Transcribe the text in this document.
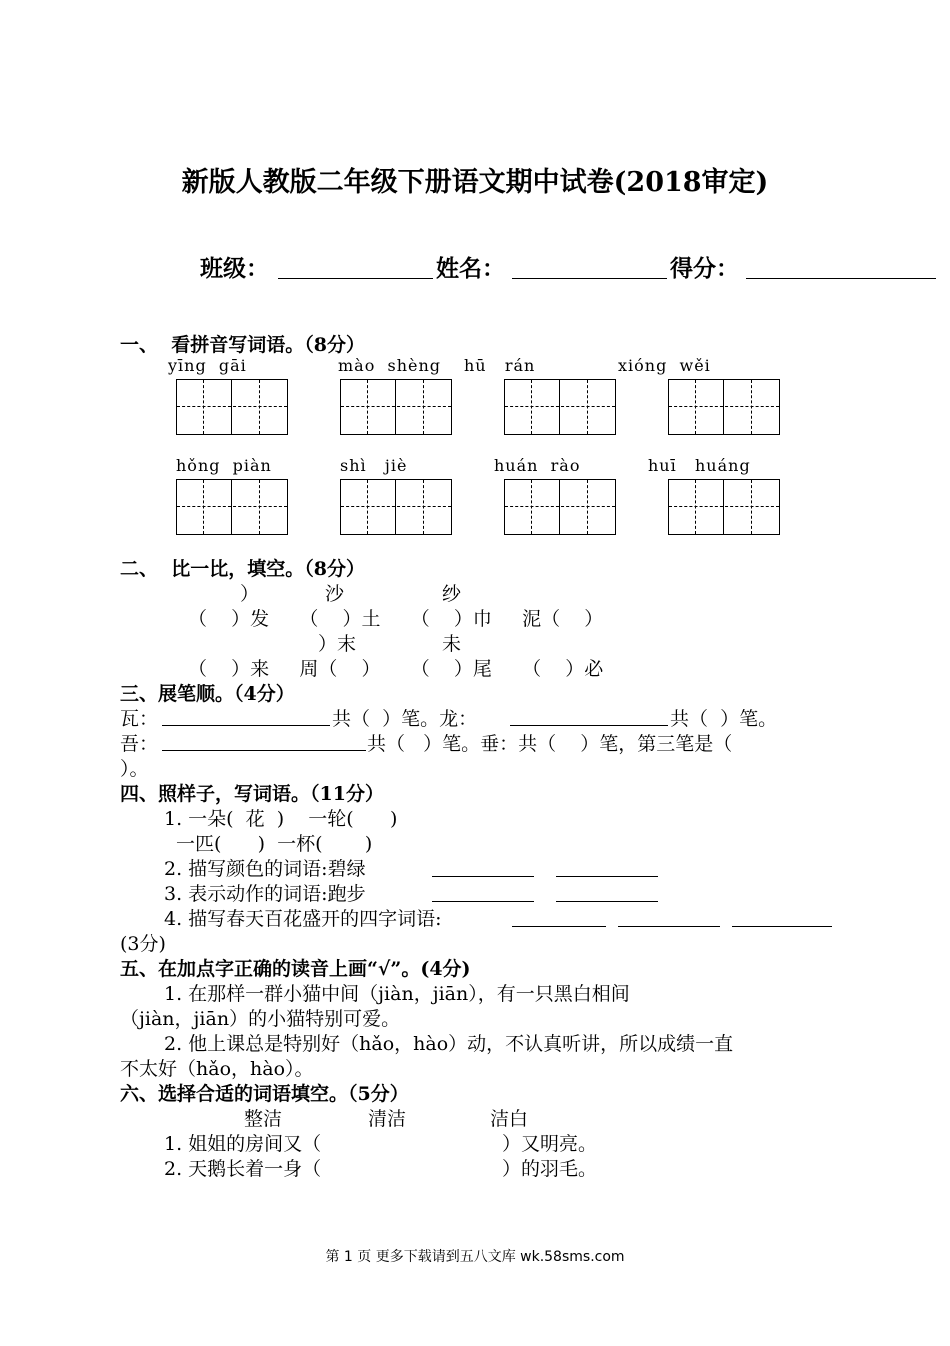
新版人教版二年级下册语文期中试卷(2018审定)
班级：	姓名：	得分：
一、  看拼音写词语。（8分）
yīng  gāi	mào  shèng hū   rán	xióng  wěi
hǒng  piàn	shì   jiè	huán  rào	huī   huáng
二、  比一比，填空。（8分）
）	沙	纱
（    ）发     （    ）土     （    ）巾     泥（    ）
）末	未
（    ）来     周（    ）     （    ）尾     （    ）必
三、展笔顺。（4分）
瓦：	共（  ）笔。龙：	共（  ）笔。
吾：	共（   ）笔。垂：共（    ）笔，第三笔是（
）。
四、照样子，写词语。（11分）
1. 一朵(  花  )    一轮(      )
一匹(      )  一杯(       )
2. 描写颜色的词语:碧绿
3. 表示动作的词语:跑步
4. 描写春天百花盛开的四字词语:
(3分)
五、在加点字正确的读音上画“√”。(4分)
1. 在那样一群小猫中间（jiàn，jiān），有一只黑白相间
（jiàn，jiān）的小猫特别可爱。
2. 他上课总是特别好（hǎo，hào）动，不认真听讲，所以成绩一直
不太好（hǎo，hào）。
六、选择合适的词语填空。（5分）
整洁	清洁	洁白
1. 姐姐的房间又（	）又明亮。
2. 天鹅长着一身（	）的羽毛。
第 1 页 更多下载请到五八文库 wk.58sms.com
